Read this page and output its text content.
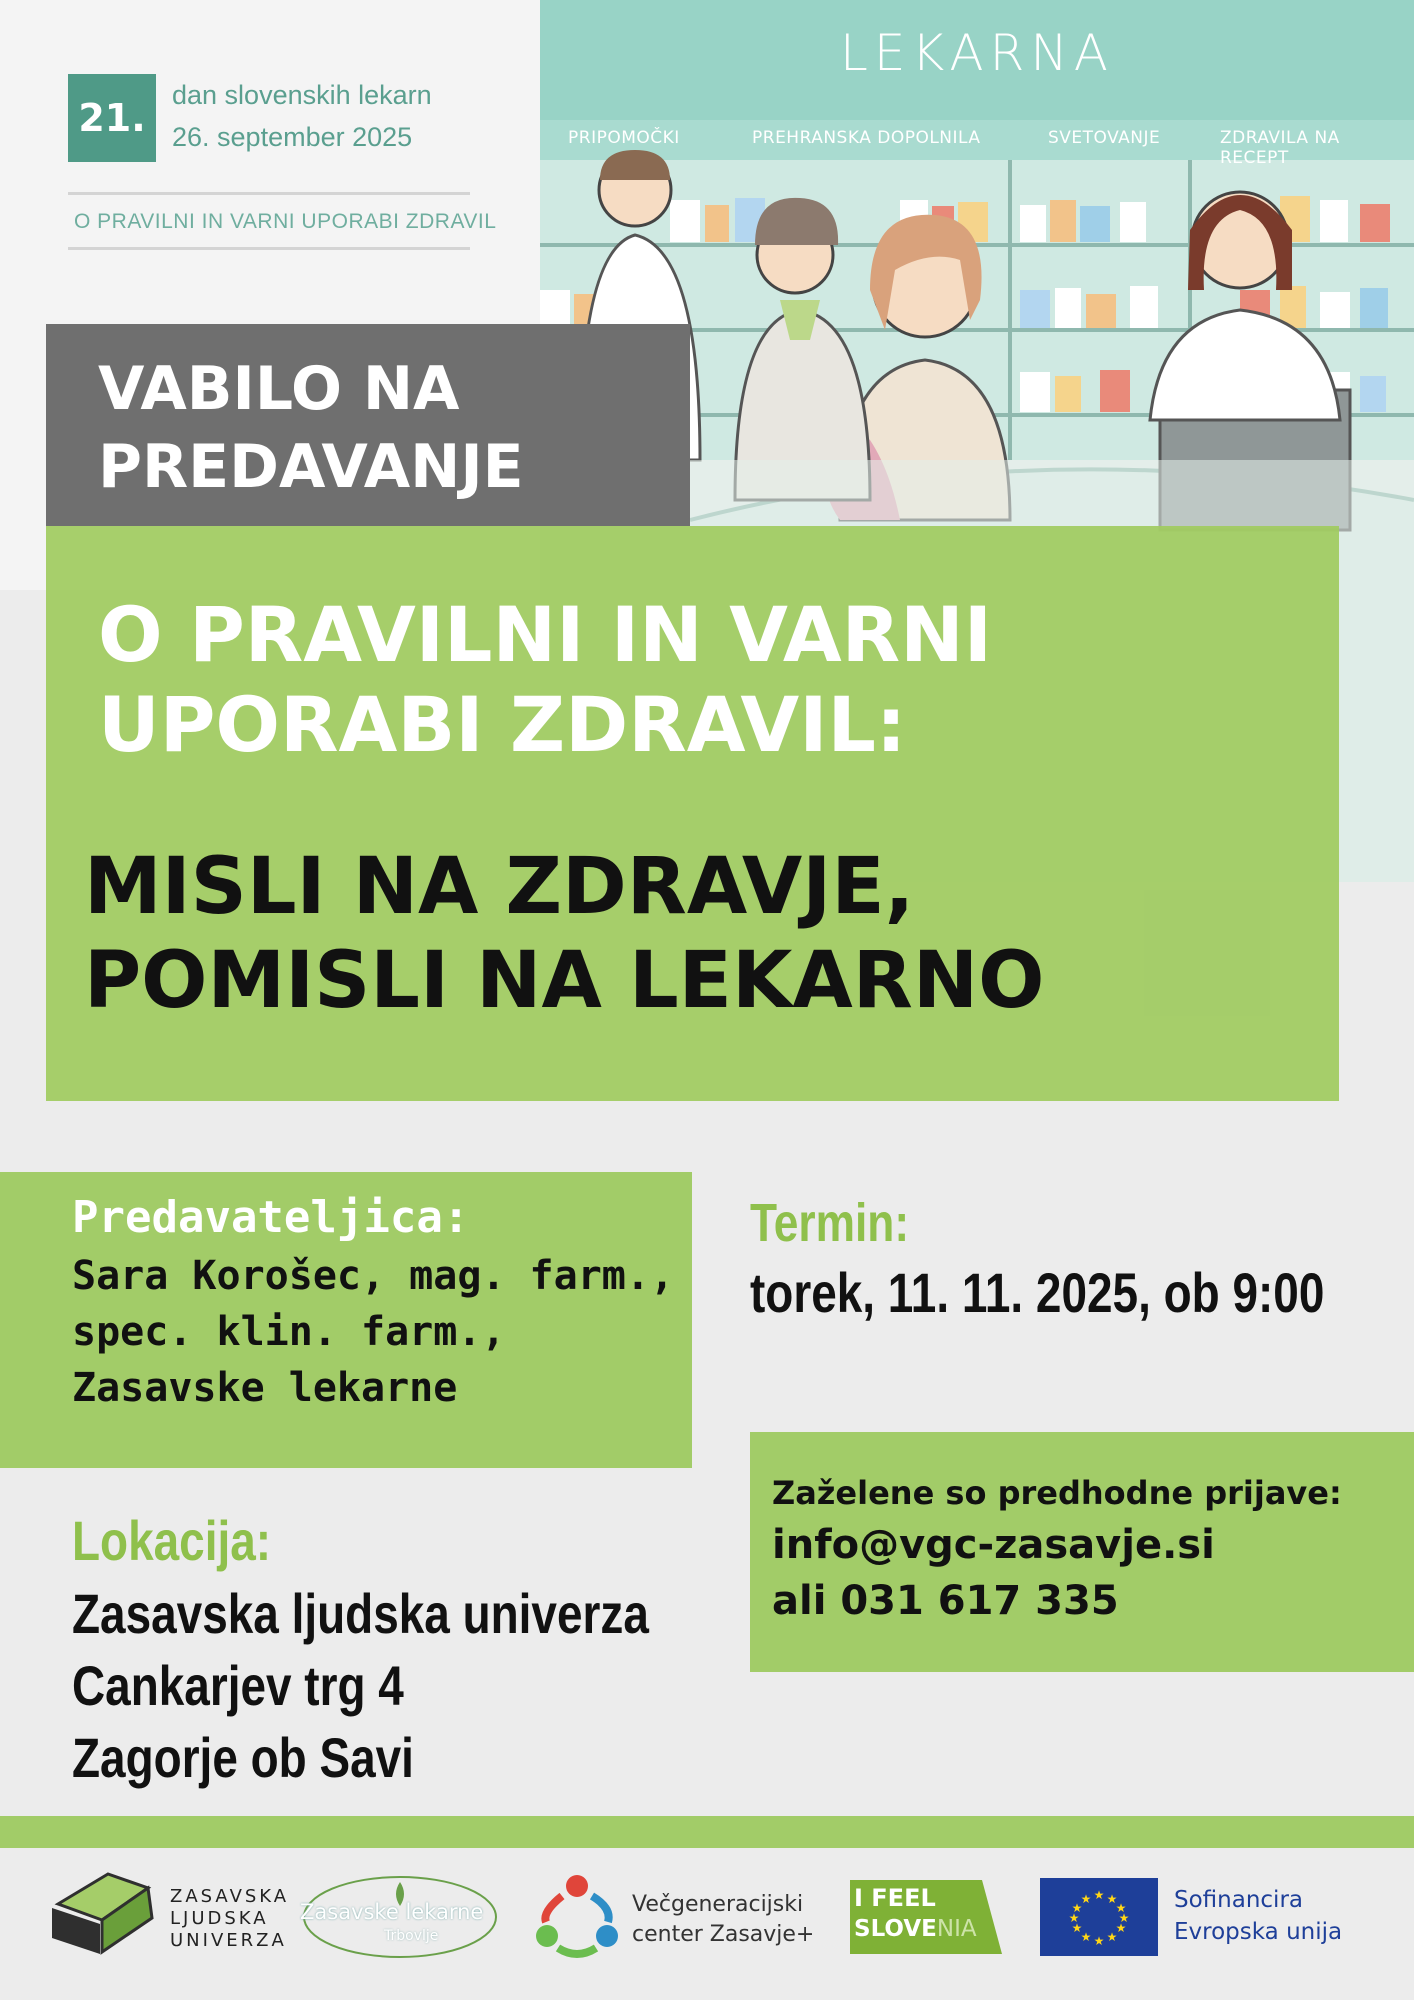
21.
dan slovenskih lekarn
26. september 2025
O PRAVILNI IN VARNI UPORABI ZDRAVIL
LEKARNA
PRIPOMOČKI	PREHRANSKA DOPOLNILA	SVETOVANJE	ZDRAVILA NA RECEPT
VABILO NA
PREDAVANJE
O PRAVILNI IN VARNI
UPORABI ZDRAVIL:
MISLI NA ZDRAVJE,
POMISLI NA LEKARNO
Predavateljica:
Sara Korošec, mag. farm.,
spec. klin. farm.,
Zasavske lekarne
Termin:
torek, 11. 11. 2025, ob 9:00
Zaželene so predhodne prijave:
info@vgc-zasavje.si
ali 031 617 335
Lokacija:
Zasavska ljudska univerza
Cankarjev trg 4
Zagorje ob Savi
ZASAVSKA
LJUDSKA
UNIVERZA
Zasavske lekarne
Trbovlje
Večgeneracijski
center Zasavje+
I FEEL
SLOVENIA
★ ★
★
★
★
★
★
★
★
★
★
★	Sofinancira
Evropska unija
